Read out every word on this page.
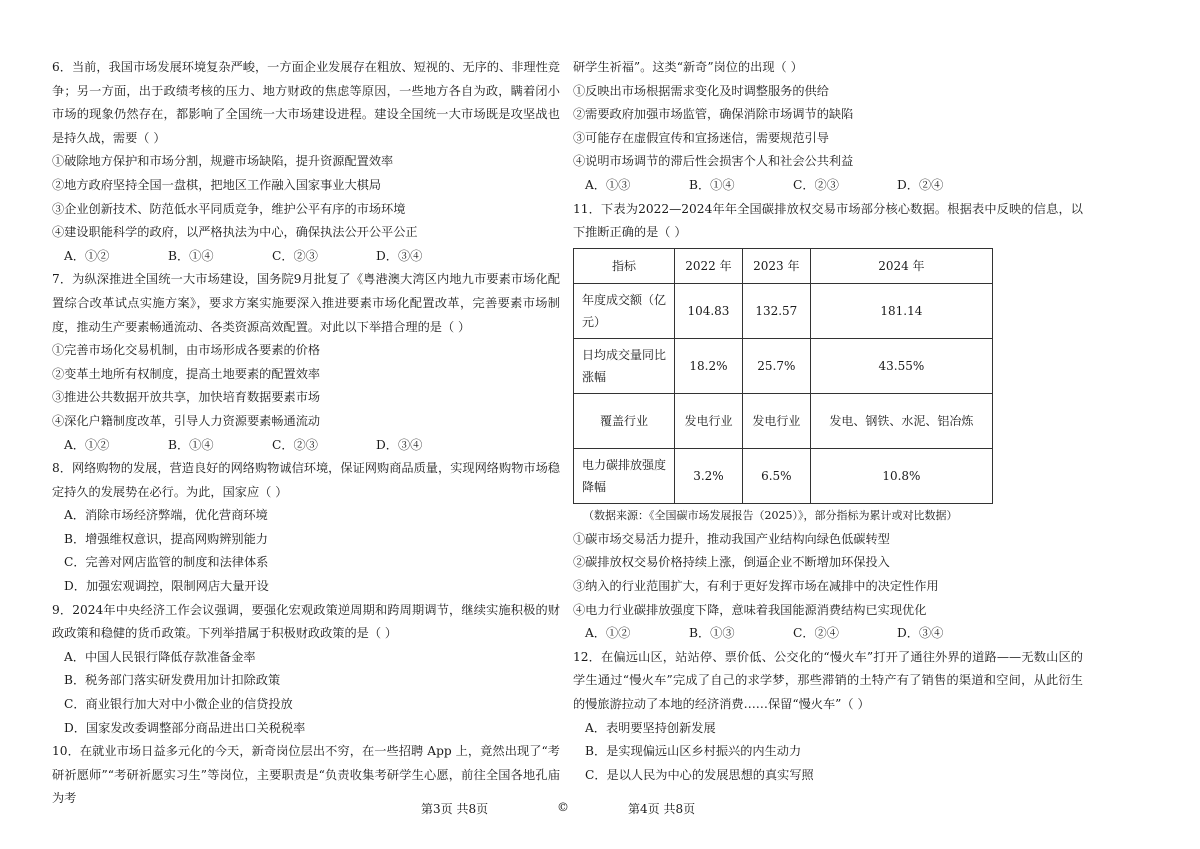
6．当前，我国市场发展环境复杂严峻，一方面企业发展存在粗放、短视的、无序的、非理性竞争；另一方面，出于政绩考核的压力、地方财政的焦虑等原因，一些地方各自为政，瞒着闭小市场的现象仍然存在，都影响了全国统一大市场建设进程。建设全国统一大市场既是攻坚战也是持久战，需要（ ）

①破除地方保护和市场分割，规避市场缺陷，提升资源配置效率

②地方政府坚持全国一盘棋，把地区工作融入国家事业大棋局

③企业创新技术、防范低水平同质竞争，维护公平有序的市场环境

④建设职能科学的政府，以严格执法为中心，确保执法公开公平公正

A．①②	B．①④	C．②③	D．③④

7．为纵深推进全国统一大市场建设，国务院9月批复了《粤港澳大湾区内地九市要素市场化配置综合改革试点实施方案》，要求方案实施要深入推进要素市场化配置改革，完善要素市场制度，推动生产要素畅通流动、各类资源高效配置。对此以下举措合理的是（ ）

①完善市场化交易机制，由市场形成各要素的价格

②变革土地所有权制度，提高土地要素的配置效率

③推进公共数据开放共享，加快培育数据要素市场

④深化户籍制度改革，引导人力资源要素畅通流动

A．①②	B．①④	C．②③	D．③④

8．网络购物的发展，营造良好的网络购物诚信环境，保证网购商品质量，实现网络购物市场稳定持久的发展势在必行。为此，国家应（ ）

A．消除市场经济弊端，优化营商环境

B．增强维权意识，提高网购辨别能力

C．完善对网店监管的制度和法律体系

D．加强宏观调控，限制网店大量开设

9．2024年中央经济工作会议强调，要强化宏观政策逆周期和跨周期调节，继续实施积极的财政政策和稳健的货币政策。下列举措属于积极财政政策的是（ ）

A．中国人民银行降低存款准备金率

B．税务部门落实研发费用加计扣除政策

C．商业银行加大对中小微企业的信贷投放

D．国家发改委调整部分商品进出口关税税率

10．在就业市场日益多元化的今天，新奇岗位层出不穷，在一些招聘 App 上，竟然出现了“考研祈愿师”“考研祈愿实习生”等岗位，主要职责是“负责收集考研学生心愿，前往全国各地孔庙为考

研学生祈福”。这类“新奇”岗位的出现（ ）

①反映出市场根据需求变化及时调整服务的供给

②需要政府加强市场监管，确保消除市场调节的缺陷

③可能存在虚假宣传和宣扬迷信，需要规范引导

④说明市场调节的滞后性会损害个人和社会公共利益

A．①③	B．①④	C．②③	D．②④

11．下表为2022—2024年年全国碳排放权交易市场部分核心数据。根据表中反映的信息，以下推断正确的是（ ）

指标	2022 年	2023 年	2024 年
年度成交额（亿元）	104.83	132.57	181.14
日均成交量同比涨幅	18.2%	25.7%	43.55%
覆盖行业	发电行业	发电行业	发电、钢铁、水泥、铝冶炼
电力碳排放强度降幅	3.2%	6.5%	10.8%

（数据来源：《全国碳市场发展报告（2025）》，部分指标为累计或对比数据）

①碳市场交易活力提升，推动我国产业结构向绿色低碳转型

②碳排放权交易价格持续上涨，倒逼企业不断增加环保投入

③纳入的行业范围扩大，有利于更好发挥市场在减排中的决定性作用

④电力行业碳排放强度下降，意味着我国能源消费结构已实现优化

A．①②	B．①③	C．②④	D．③④

12．在偏远山区，站站停、票价低、公交化的“慢火车”打开了通往外界的道路——无数山区的学生通过“慢火车”完成了自己的求学梦，那些滞销的土特产有了销售的渠道和空间，从此衍生的慢旅游拉动了本地的经济消费……保留“慢火车”（ ）

A．表明要坚持创新发展

B．是实现偏远山区乡村振兴的内生动力

C．是以人民为中心的发展思想的真实写照

第3页 共8页	©	第4页 共8页
